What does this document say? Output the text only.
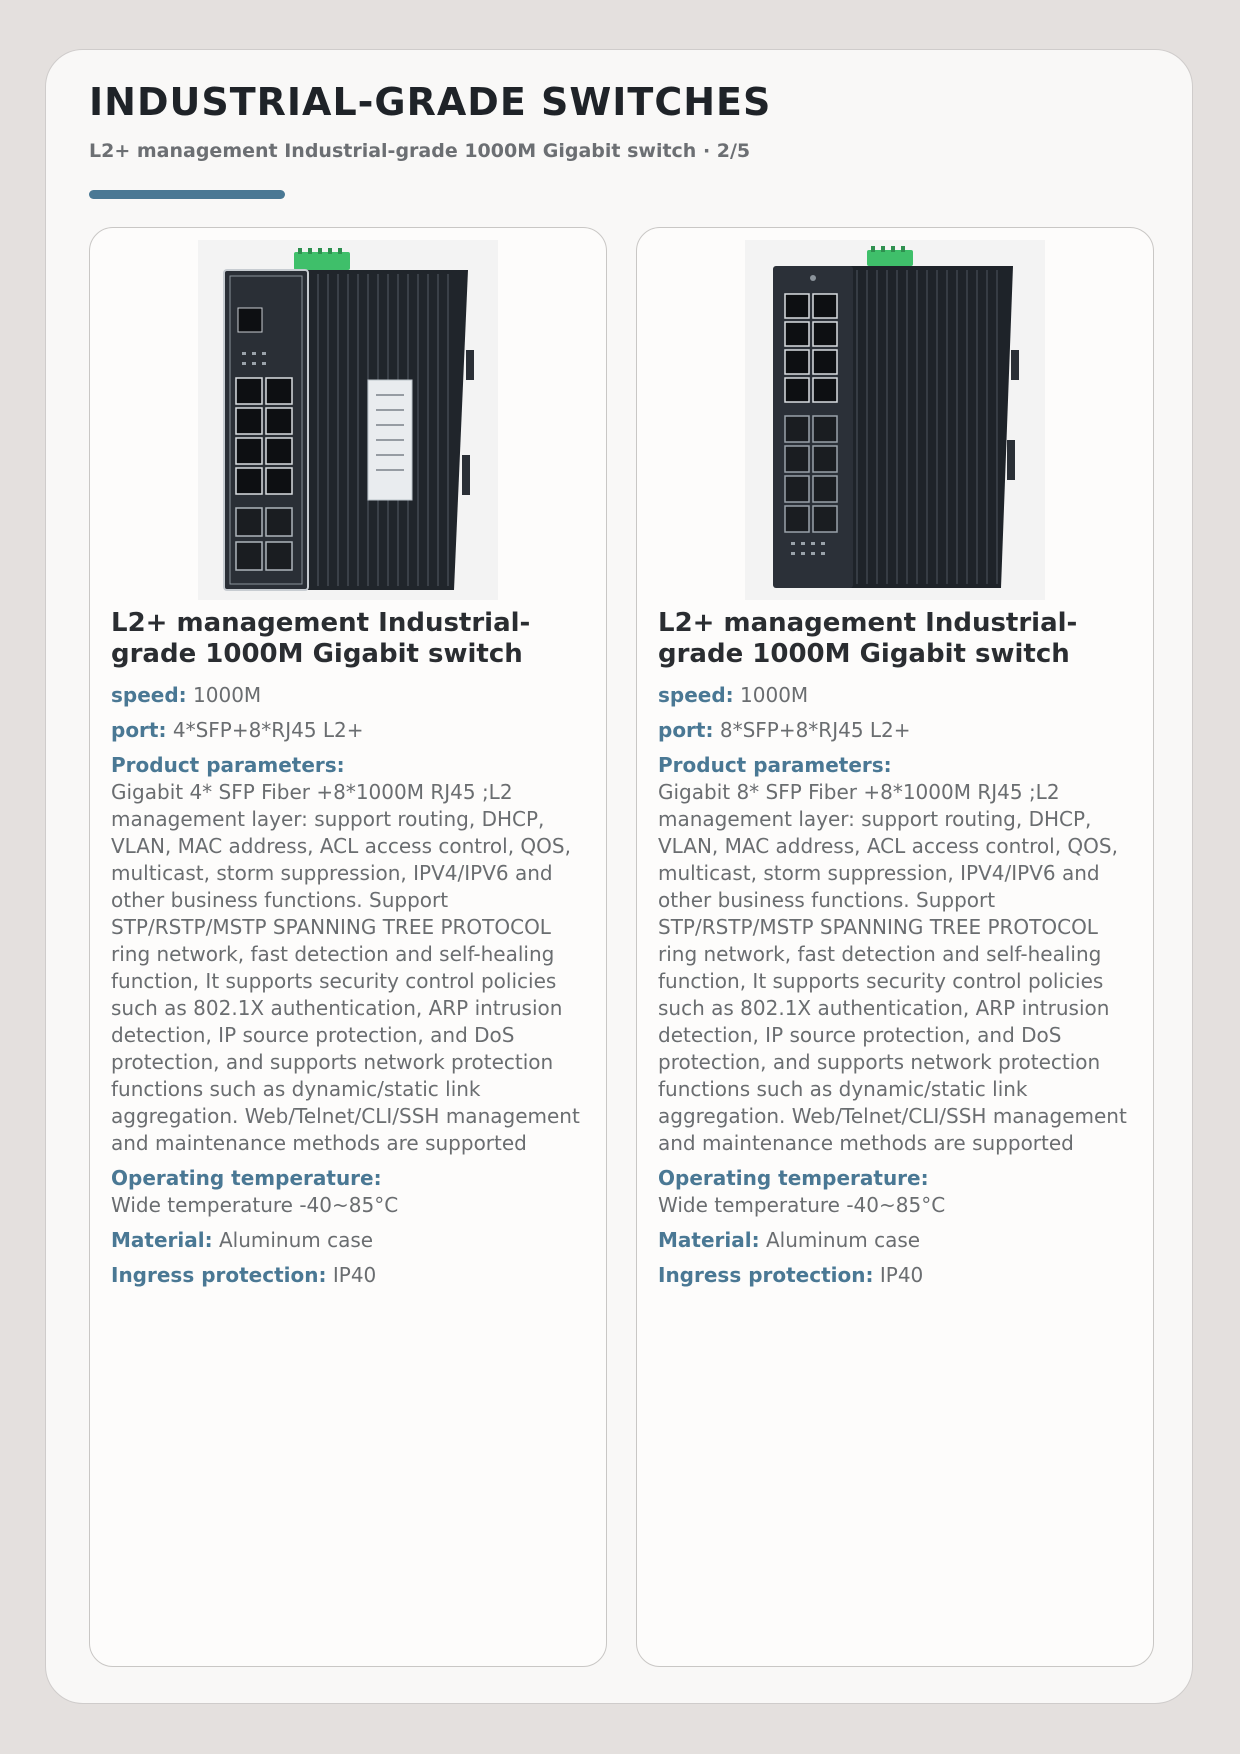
INDUSTRIAL-GRADE SWITCHES

L2+ management Industrial-grade 1000M Gigabit switch · 2/5

L2+ management Industrial-grade 1000M Gigabit switch

speed: 1000M

port: 4*SFP+8*RJ45 L2+

Product parameters:
Gigabit 4* SFP Fiber +8*1000M RJ45 ;L2 management layer: support routing, DHCP, VLAN, MAC address, ACL access control, QOS, multicast, storm suppression, IPV4/IPV6 and other business functions. Support STP/RSTP/MSTP SPANNING TREE PROTOCOL ring network, fast detection and self-healing function, It supports security control policies such as 802.1X authentication, ARP intrusion detection, IP source protection, and DoS protection, and supports network protection functions such as dynamic/static link aggregation. Web/Telnet/CLI/SSH management and maintenance methods are supported
Operating temperature:
Wide temperature -40~85°C

Material: Aluminum case

Ingress protection: IP40

L2+ management Industrial-grade 1000M Gigabit switch

speed: 1000M

port: 8*SFP+8*RJ45 L2+

Product parameters:
Gigabit 8* SFP Fiber +8*1000M RJ45 ;L2 management layer: support routing, DHCP, VLAN, MAC address, ACL access control, QOS, multicast, storm suppression, IPV4/IPV6 and other business functions. Support STP/RSTP/MSTP SPANNING TREE PROTOCOL ring network, fast detection and self-healing function, It supports security control policies such as 802.1X authentication, ARP intrusion detection, IP source protection, and DoS protection, and supports network protection functions such as dynamic/static link aggregation. Web/Telnet/CLI/SSH management and maintenance methods are supported
Operating temperature:
Wide temperature -40~85°C

Material: Aluminum case

Ingress protection: IP40
